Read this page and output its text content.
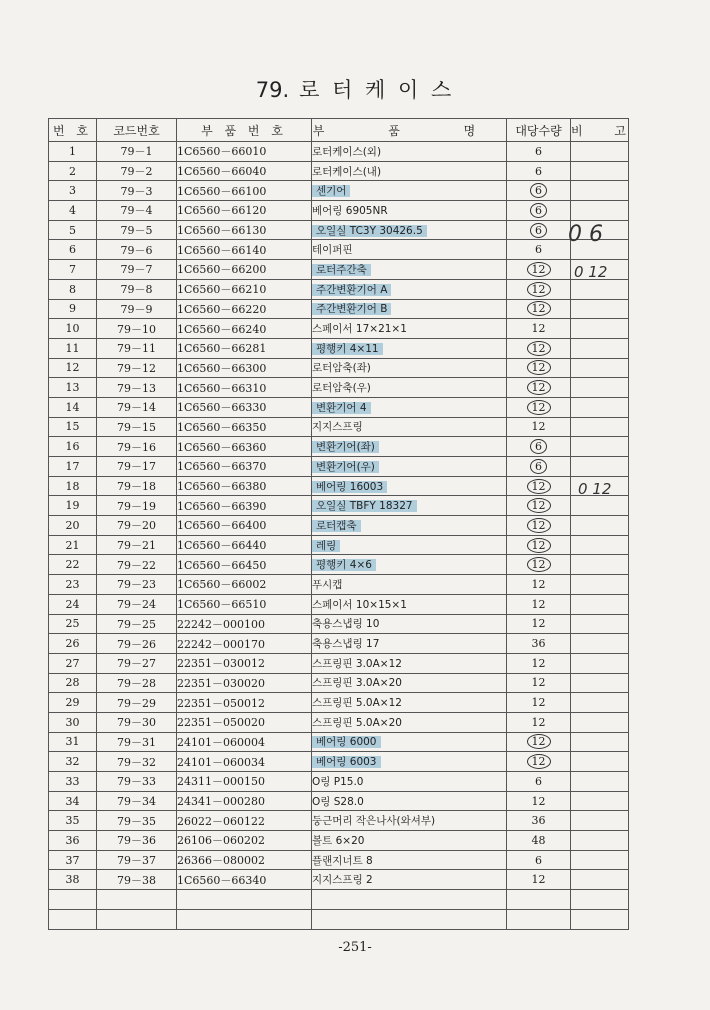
79. 로 터 케 이 스
번 호	코드번호	부 품 번 호	부 품 명	대당수량	비 고
1	79－1	1C6560－66010	로터케이스(외)	6	
2	79－2	1C6560－66040	로터케이스(내)	6	
3	79－3	1C6560－66100	센기어	6	
4	79－4	1C6560－66120	베어링 6905NR	6	
5	79－5	1C6560－66130	오일실 TC3Y 30426.5	6	
6	79－6	1C6560－66140	테이퍼핀	6	
7	79－7	1C6560－66200	로터주간축	12	
8	79－8	1C6560－66210	주간변환기어 A	12	
9	79－9	1C6560－66220	주간변환기어 B	12	
10	79－10	1C6560－66240	스페이서 17×21×1	12	
11	79－11	1C6560－66281	평행키 4×11	12	
12	79－12	1C6560－66300	로터암축(좌)	12	
13	79－13	1C6560－66310	로터암축(우)	12	
14	79－14	1C6560－66330	변환기어 4	12	
15	79－15	1C6560－66350	지지스프링	12	
16	79－16	1C6560－66360	변환기어(좌)	6	
17	79－17	1C6560－66370	변환기어(우)	6	
18	79－18	1C6560－66380	베어링 16003	12	
19	79－19	1C6560－66390	오일실 TBFY 18327	12	
20	79－20	1C6560－66400	로터캡축	12	
21	79－21	1C6560－66440	레링	12	
22	79－22	1C6560－66450	평행키 4×6	12	
23	79－23	1C6560－66002	푸시캡	12	
24	79－24	1C6560－66510	스페이서 10×15×1	12	
25	79－25	22242－000100	축용스냅링 10	12	
26	79－26	22242－000170	축용스냅링 17	36	
27	79－27	22351－030012	스프링핀 3.0A×12	12	
28	79－28	22351－030020	스프링핀 3.0A×20	12	
29	79－29	22351－050012	스프링핀 5.0A×12	12	
30	79－30	22351－050020	스프링핀 5.0A×20	12	
31	79－31	24101－060004	베어링 6000	12	
32	79－32	24101－060034	베어링 6003	12	
33	79－33	24311－000150	O링 P15.0	6	
34	79－34	24341－000280	O링 S28.0	12	
35	79－35	26022－060122	둥근머리 작은나사(와셔부)	36	
36	79－36	26106－060202	볼트 6×20	48	
37	79－37	26366－080002	플랜지너트 8	6	
38	79－38	1C6560－66340	지지스프링 2	12	

0 6
0 12
0 12
-251-
